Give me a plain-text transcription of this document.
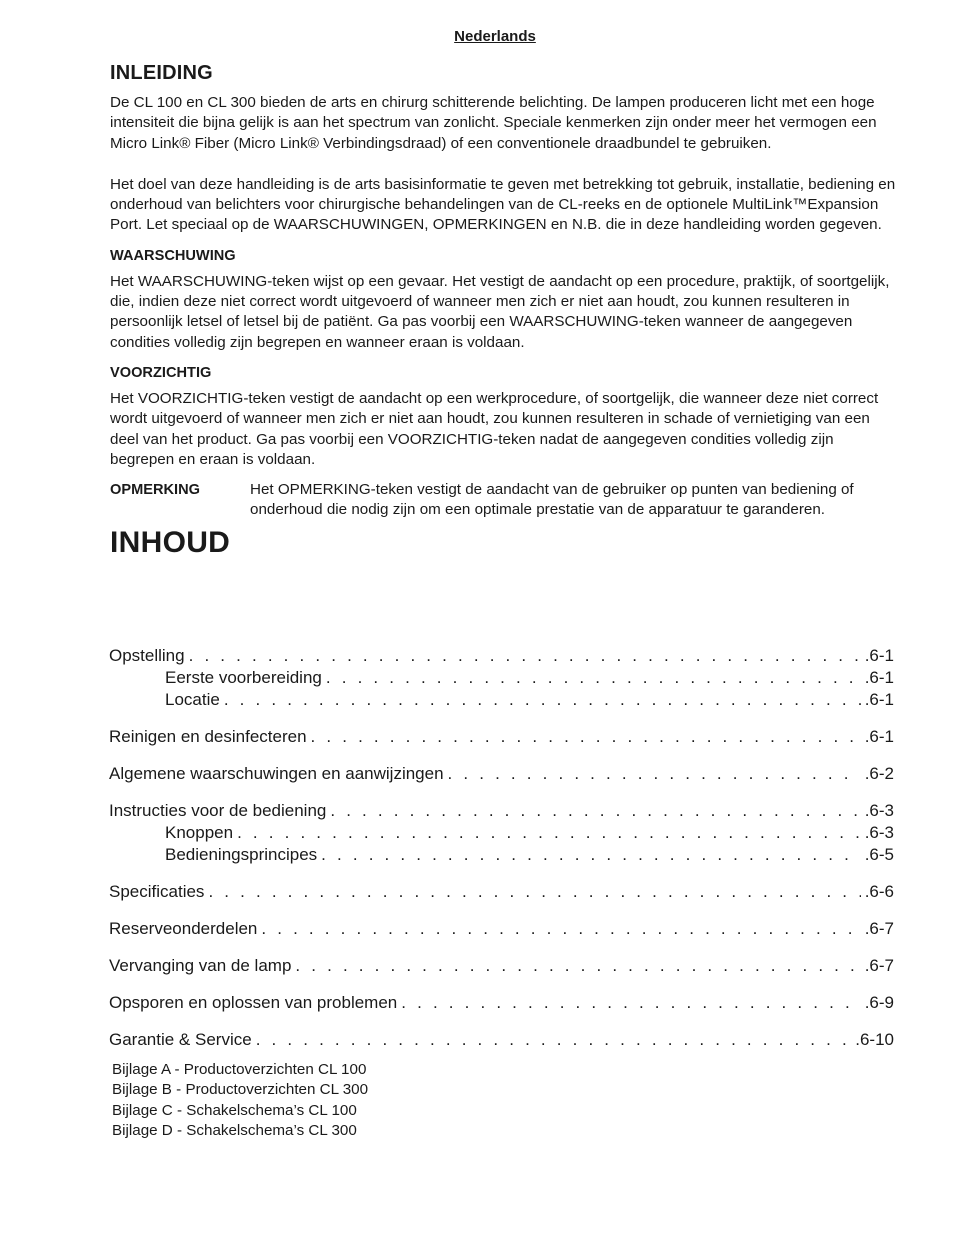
Nederlands
INLEIDING

De CL 100 en CL 300 bieden de arts en chirurg schitterende belichting. De lampen produceren licht met een hoge intensiteit die bijna gelijk is aan het spectrum van zonlicht. Speciale kenmerken zijn onder meer het vermogen een Micro Link® Fiber (Micro Link® Verbindingsdraad) of een conventionele draadbundel te gebruiken.

Het doel van deze handleiding is de arts basisinformatie te geven met betrekking tot gebruik, installatie, bediening en onderhoud van belichters voor chirurgische behandelingen van de CL-reeks en de optionele MultiLink™Expansion Port. Let speciaal op de WAARSCHUWINGEN, OPMERKINGEN en N.B. die in deze handleiding worden gegeven.

WAARSCHUWING

Het WAARSCHUWING-teken wijst op een gevaar. Het vestigt de aandacht op een procedure, praktijk, of soortgelijk, die, indien deze niet correct wordt uitgevoerd of wanneer men zich er niet aan houdt, zou kunnen resulteren in persoonlijk letsel of letsel bij de patiënt. Ga pas voorbij een WAARSCHUWING-teken wanneer de aangegeven condities volledig zijn begrepen en wanneer eraan is voldaan.

VOORZICHTIG

Het VOORZICHTIG-teken vestigt de aandacht op een werkprocedure, of soortgelijk, die wanneer deze niet correct wordt uitgevoerd of wanneer men zich er niet aan houdt, zou kunnen resulteren in schade of vernietiging van een deel van het product. Ga pas voorbij een VOORZICHTIG-teken nadat de aangegeven condities volledig zijn begrepen en eraan is voldaan.

OPMERKING	Het OPMERKING-teken vestigt de aandacht van de gebruiker op punten van bediening of onderhoud die nodig zijn om een optimale prestatie van de apparatuur te garanderen.
INHOUD
Opstelling . . .	.6-1
Eerste voorbereiding . . .	.6-1
Locatie . . .	.6-1
Reinigen en desinfecteren . . .	.6-1
Algemene waarschuwingen en aanwijzingen . . .	.6-2
Instructies voor de bediening . . .	.6-3
Knoppen . . .	.6-3
Bedieningsprincipes . . .	.6-5
Specificaties . . .	.6-6
Reserveonderdelen . . .	.6-7
Vervanging van de lamp . . .	.6-7
Opsporen en oplossen van problemen . . .	.6-9
Garantie & Service . . .	.6-10
Bijlage A - Productoverzichten CL 100
Bijlage B - Productoverzichten CL 300
Bijlage C - Schakelschema’s CL 100
Bijlage D - Schakelschema’s CL 300
